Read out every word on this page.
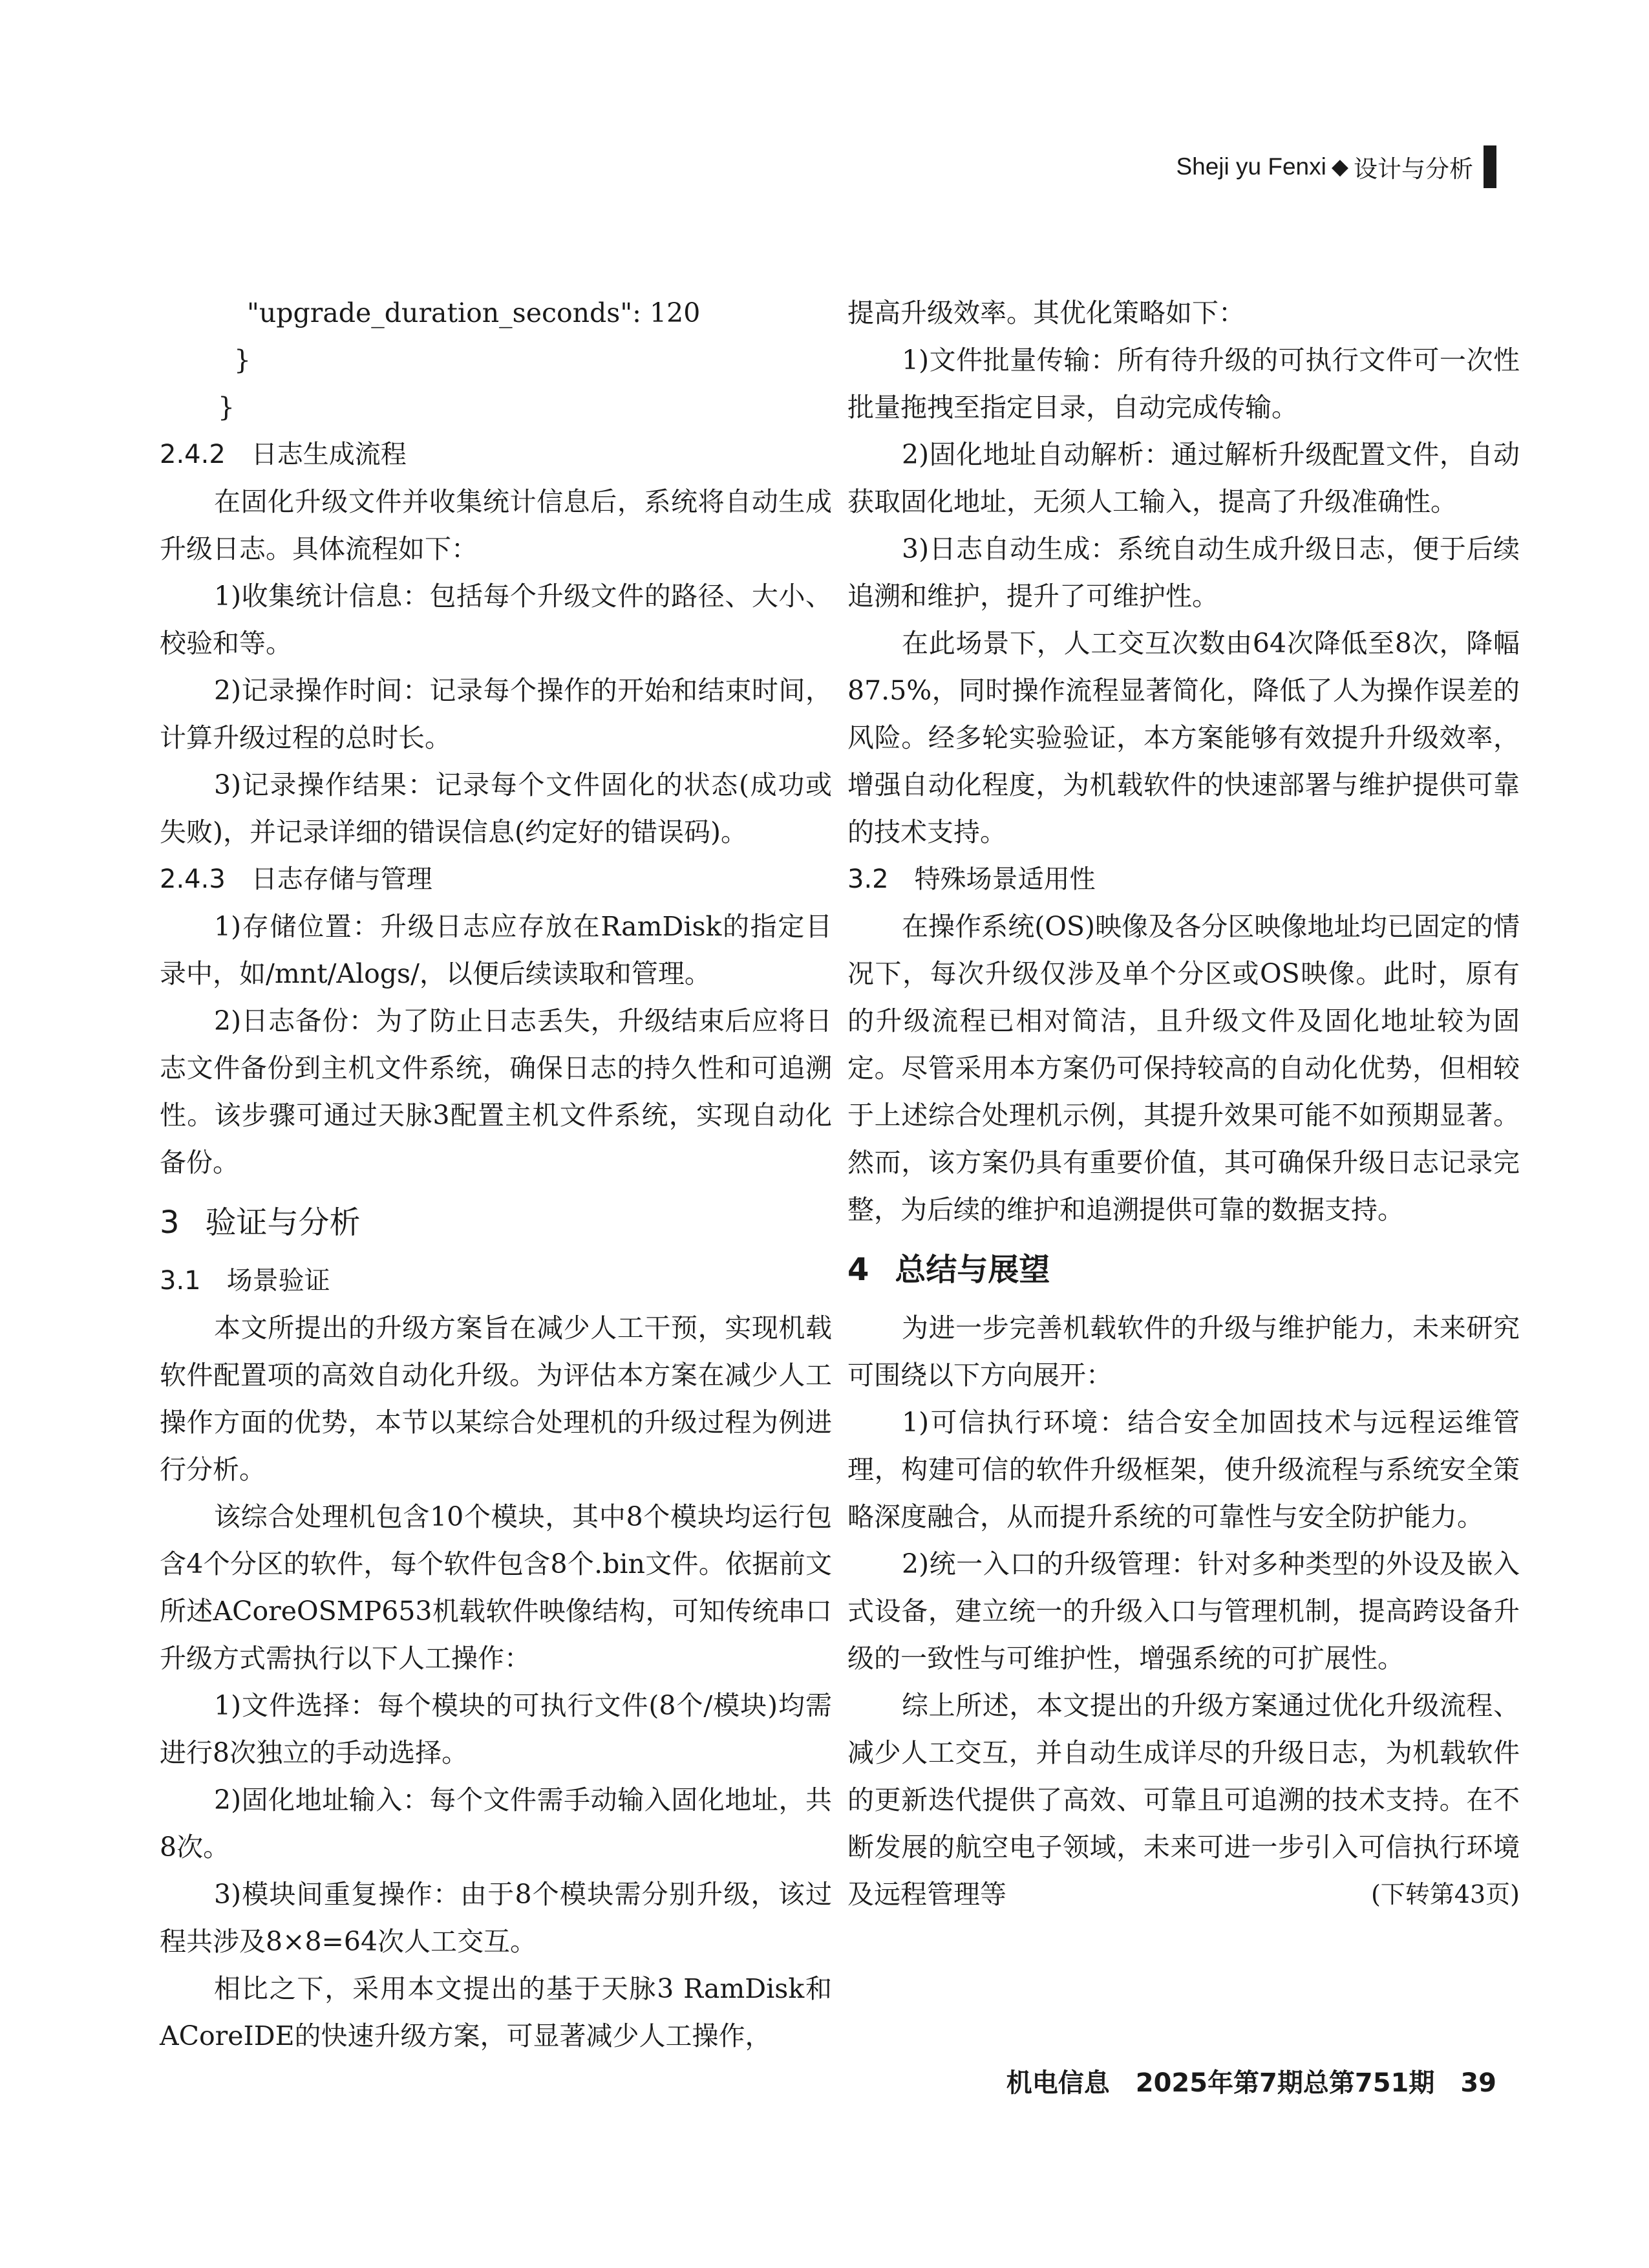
Sheji yu Fenxi ◆ 设计与分析

"upgrade_duration_seconds": 120

}

}

2.4.2 日志生成流程

在固化升级文件并收集统计信息后，系统将自动生成升级日志。具体流程如下：

1)收集统计信息：包括每个升级文件的路径、大小、校验和等。

2)记录操作时间：记录每个操作的开始和结束时间，计算升级过程的总时长。

3)记录操作结果：记录每个文件固化的状态(成功或失败)，并记录详细的错误信息(约定好的错误码)。

2.4.3 日志存储与管理

1)存储位置：升级日志应存放在RamDisk的指定目录中，如/mnt/Alogs/，以便后续读取和管理。

2)日志备份：为了防止日志丢失，升级结束后应将日志文件备份到主机文件系统，确保日志的持久性和可追溯性。该步骤可通过天脉3配置主机文件系统，实现自动化备份。

3 验证与分析
3.1 场景验证

本文所提出的升级方案旨在减少人工干预，实现机载软件配置项的高效自动化升级。为评估本方案在减少人工操作方面的优势，本节以某综合处理机的升级过程为例进行分析。

该综合处理机包含10个模块，其中8个模块均运行包含4个分区的软件，每个软件包含8个.bin文件。依据前文所述ACoreOSMP653机载软件映像结构，可知传统串口升级方式需执行以下人工操作：

1)文件选择：每个模块的可执行文件(8个/模块)均需进行8次独立的手动选择。

2)固化地址输入：每个文件需手动输入固化地址，共8次。

3)模块间重复操作：由于8个模块需分别升级，该过程共涉及8×8=64次人工交互。

相比之下，采用本文提出的基于天脉3 RamDisk和ACoreIDE的快速升级方案，可显著减少人工操作，

提高升级效率。其优化策略如下：

1)文件批量传输：所有待升级的可执行文件可一次性批量拖拽至指定目录，自动完成传输。

2)固化地址自动解析：通过解析升级配置文件，自动获取固化地址，无须人工输入，提高了升级准确性。

3)日志自动生成：系统自动生成升级日志，便于后续追溯和维护，提升了可维护性。

在此场景下，人工交互次数由64次降低至8次，降幅87.5%，同时操作流程显著简化，降低了人为操作误差的风险。经多轮实验验证，本方案能够有效提升升级效率，增强自动化程度，为机载软件的快速部署与维护提供可靠的技术支持。

3.2 特殊场景适用性

在操作系统(OS)映像及各分区映像地址均已固定的情况下，每次升级仅涉及单个分区或OS映像。此时，原有的升级流程已相对简洁，且升级文件及固化地址较为固定。尽管采用本方案仍可保持较高的自动化优势，但相较于上述综合处理机示例，其提升效果可能不如预期显著。然而，该方案仍具有重要价值，其可确保升级日志记录完整，为后续的维护和追溯提供可靠的数据支持。

4 总结与展望

为进一步完善机载软件的升级与维护能力，未来研究可围绕以下方向展开：

1)可信执行环境：结合安全加固技术与远程运维管理，构建可信的软件升级框架，使升级流程与系统安全策略深度融合，从而提升系统的可靠性与安全防护能力。

2)统一入口的升级管理：针对多种类型的外设及嵌入式设备，建立统一的升级入口与管理机制，提高跨设备升级的一致性与可维护性，增强系统的可扩展性。

综上所述，本文提出的升级方案通过优化升级流程、减少人工交互，并自动生成详尽的升级日志，为机载软件的更新迭代提供了高效、可靠且可追溯的技术支持。在不断发展的航空电子领域，未来可进一步引入可信执行环境及远程管理等	(下转第43页)

机电信息 2025年第7期总第751期 39
